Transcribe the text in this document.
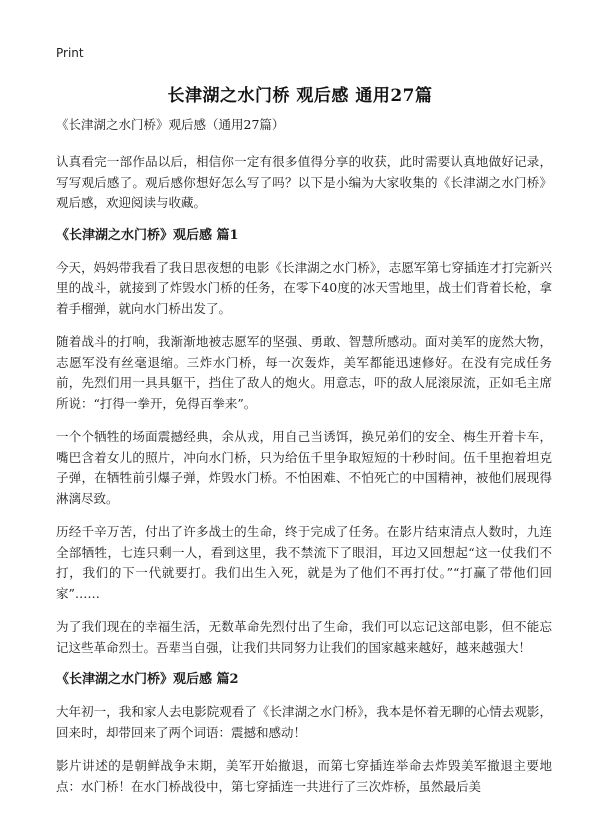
Print
长津湖之水门桥 观后感 通用27篇
《长津湖之水门桥》观后感（通用27篇）

认真看完一部作品以后，相信你一定有很多值得分享的收获，此时需要认真地做好记录，写写观后感了。观后感你想好怎么写了吗？以下是小编为大家收集的《长津湖之水门桥》观后感，欢迎阅读与收藏。

《长津湖之水门桥》观后感 篇1

今天，妈妈带我看了我日思夜想的电影《长津湖之水门桥》，志愿军第七穿插连才打完新兴里的战斗，就接到了炸毁水门桥的任务，在零下40度的冰天雪地里，战士们背着长枪，拿着手榴弹，就向水门桥出发了。

随着战斗的打响，我渐渐地被志愿军的坚强、勇敢、智慧所感动。面对美军的庞然大物，志愿军没有丝毫退缩。三炸水门桥，每一次轰炸，美军都能迅速修好。在没有完成任务前，先烈们用一具具躯干，挡住了敌人的炮火。用意志，吓的敌人屁滚尿流，正如毛主席所说：“打得一拳开，免得百拳来”。

一个个牺牲的场面震撼经典，余从戎，用自己当诱饵，换兄弟们的安全、梅生开着卡车，嘴巴含着女儿的照片，冲向水门桥，只为给伍千里争取短短的十秒时间。伍千里抱着坦克子弹，在牺牲前引爆子弹，炸毁水门桥。不怕困难、不怕死亡的中国精神，被他们展现得淋漓尽致。

历经千辛万苦，付出了许多战士的生命，终于完成了任务。在影片结束清点人数时，九连全部牺牲，七连只剩一人，看到这里，我不禁流下了眼泪，耳边又回想起“这一仗我们不打，我们的下一代就要打。我们出生入死，就是为了他们不再打仗。”“打赢了带他们回家”……

为了我们现在的幸福生活，无数革命先烈付出了生命，我们可以忘记这部电影，但不能忘记这些革命烈士。吾辈当自强，让我们共同努力让我们的国家越来越好，越来越强大！

《长津湖之水门桥》观后感 篇2

大年初一，我和家人去电影院观看了《长津湖之水门桥》，我本是怀着无聊的心情去观影，回来时，却带回来了两个词语：震撼和感动！

影片讲述的是朝鲜战争末期，美军开始撤退，而第七穿插连举命去炸毁美军撤退主要地点：水门桥！在水门桥战役中，第七穿插连一共进行了三次炸桥，虽然最后美
